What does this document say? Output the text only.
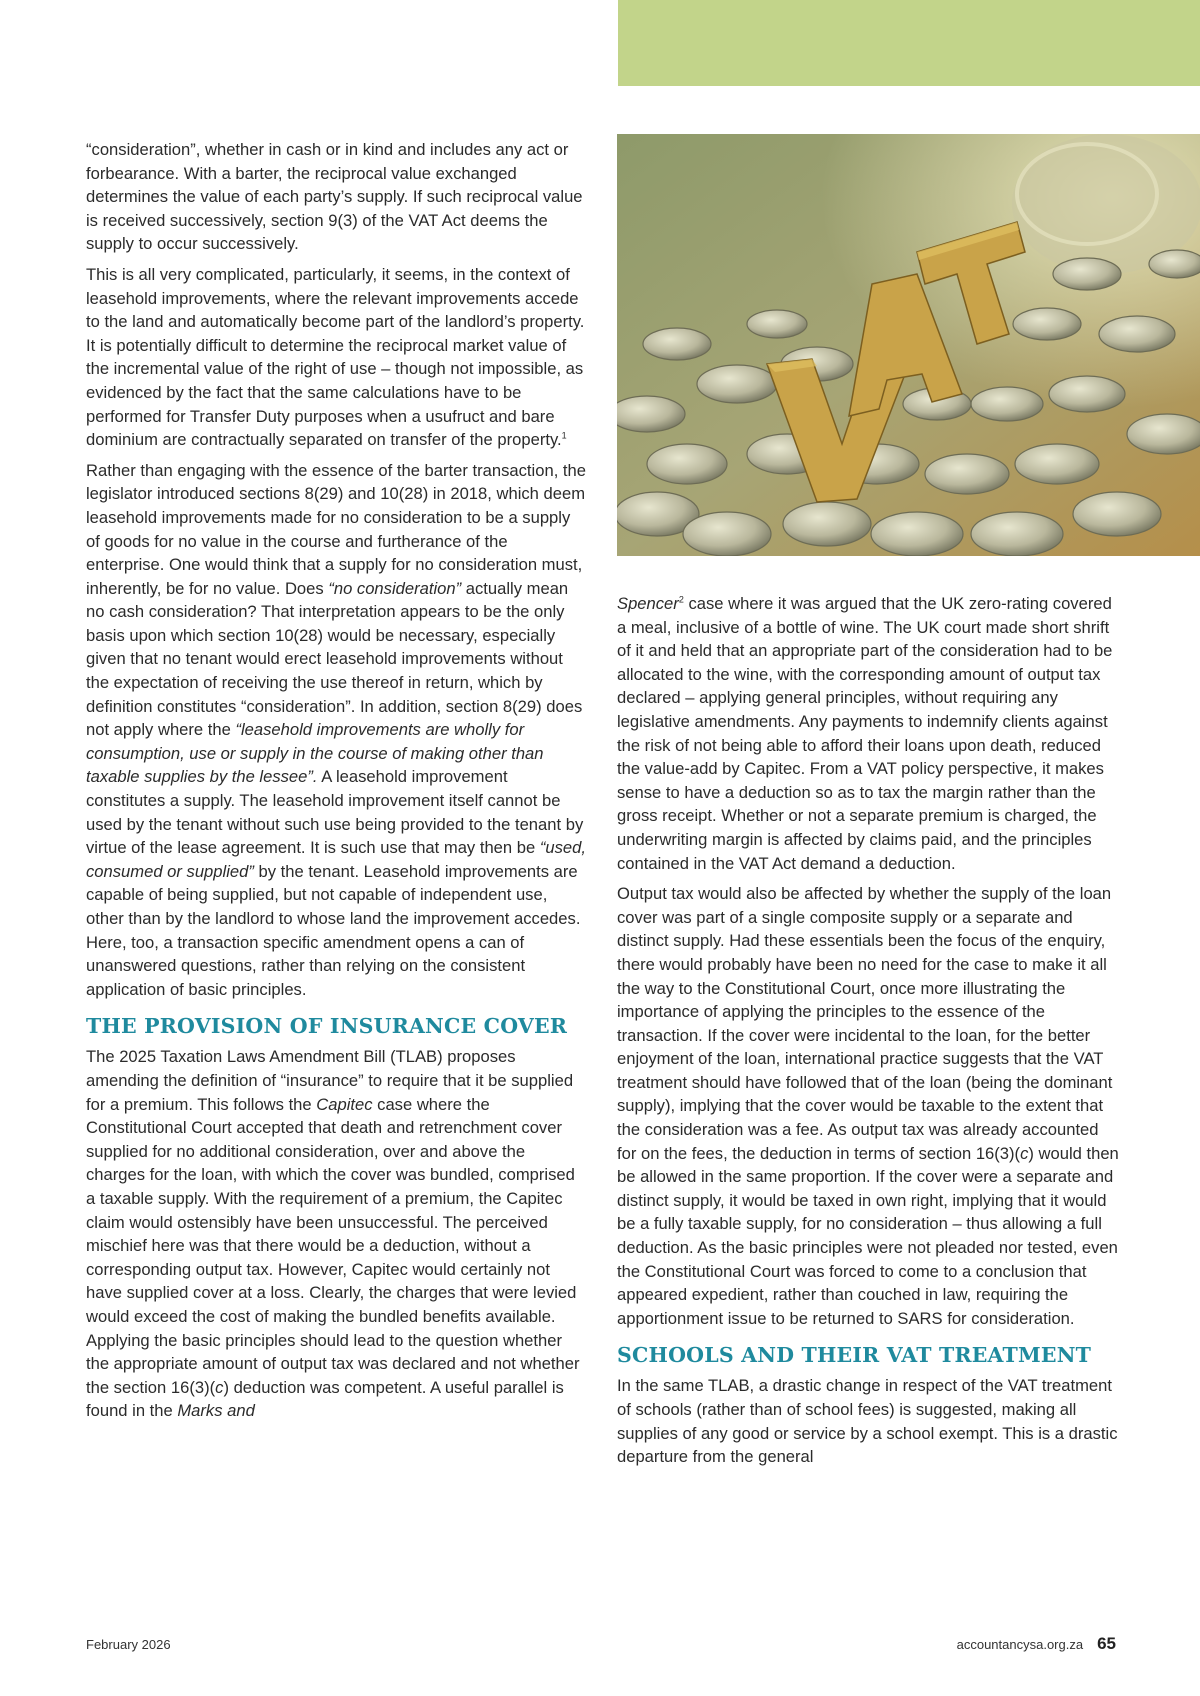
“consideration”, whether in cash or in kind and includes any act or forbearance. With a barter, the reciprocal value exchanged determines the value of each party’s supply. If such reciprocal value is received successively, section 9(3) of the VAT Act deems the supply to occur successively.

This is all very complicated, particularly, it seems, in the context of leasehold improvements, where the relevant improvements accede to the land and automatically become part of the landlord’s property. It is potentially difficult to determine the reciprocal market value of the incremental value of the right of use – though not impossible, as evidenced by the fact that the same calculations have to be performed for Transfer Duty purposes when a usufruct and bare dominium are contractually separated on transfer of the property.$^1$

Rather than engaging with the essence of the barter transaction, the legislator introduced sections 8(29) and 10(28) in 2018, which deem leasehold improvements made for no consideration to be a supply of goods for no value in the course and furtherance of the enterprise. One would think that a supply for no consideration must, inherently, be for no value. Does “no consideration” actually mean no cash consideration? That interpretation appears to be the only basis upon which section 10(28) would be necessary, especially given that no tenant would erect leasehold improvements without the expectation of receiving the use thereof in return, which by definition constitutes “consideration”. In addition, section 8(29) does not apply where the “leasehold improvements are wholly for consumption, use or supply in the course of making other than taxable supplies by the lessee”. A leasehold improvement constitutes a supply. The leasehold improvement itself cannot be used by the tenant without such use being provided to the tenant by virtue of the lease agreement. It is such use that may then be “used, consumed or supplied” by the tenant. Leasehold improvements are capable of being supplied, but not capable of independent use, other than by the landlord to whose land the improvement accedes. Here, too, a transaction specific amendment opens a can of unanswered questions, rather than relying on the consistent application of basic principles.

THE PROVISION OF INSURANCE COVER

The 2025 Taxation Laws Amendment Bill (TLAB) proposes amending the definition of “insurance” to require that it be supplied for a premium. This follows the Capitec case where the Constitutional Court accepted that death and retrenchment cover supplied for no additional consideration, over and above the charges for the loan, with which the cover was bundled, comprised a taxable supply. With the requirement of a premium, the Capitec claim would ostensibly have been unsuccessful. The perceived mischief here was that there would be a deduction, without a corresponding output tax. However, Capitec would certainly not have supplied cover at a loss. Clearly, the charges that were levied would exceed the cost of making the bundled benefits available. Applying the basic principles should lead to the question whether the appropriate amount of output tax was declared and not whether the section 16(3)(c) deduction was competent. A useful parallel is found in the Marks and

Spencer$^2$ case where it was argued that the UK zero-rating covered a meal, inclusive of a bottle of wine. The UK court made short shrift of it and held that an appropriate part of the consideration had to be allocated to the wine, with the corresponding amount of output tax declared – applying general principles, without requiring any legislative amendments. Any payments to indemnify clients against the risk of not being able to afford their loans upon death, reduced the value-add by Capitec. From a VAT policy perspective, it makes sense to have a deduction so as to tax the margin rather than the gross receipt. Whether or not a separate premium is charged, the underwriting margin is affected by claims paid, and the principles contained in the VAT Act demand a deduction.

Output tax would also be affected by whether the supply of the loan cover was part of a single composite supply or a separate and distinct supply. Had these essentials been the focus of the enquiry, there would probably have been no need for the case to make it all the way to the Constitutional Court, once more illustrating the importance of applying the principles to the essence of the transaction. If the cover were incidental to the loan, for the better enjoyment of the loan, international practice suggests that the VAT treatment should have followed that of the loan (being the dominant supply), implying that the cover would be taxable to the extent that the consideration was a fee. As output tax was already accounted for on the fees, the deduction in terms of section 16(3)(c) would then be allowed in the same proportion. If the cover were a separate and distinct supply, it would be taxed in own right, implying that it would be a fully taxable supply, for no consideration – thus allowing a full deduction. As the basic principles were not pleaded nor tested, even the Constitutional Court was forced to come to a conclusion that appeared expedient, rather than couched in law, requiring the apportionment issue to be returned to SARS for consideration.

SCHOOLS AND THEIR VAT TREATMENT

In the same TLAB, a drastic change in respect of the VAT treatment of schools (rather than of school fees) is suggested, making all supplies of any good or service by a school exempt. This is a drastic departure from the general

February 2026	accountancysa.org.za 65
